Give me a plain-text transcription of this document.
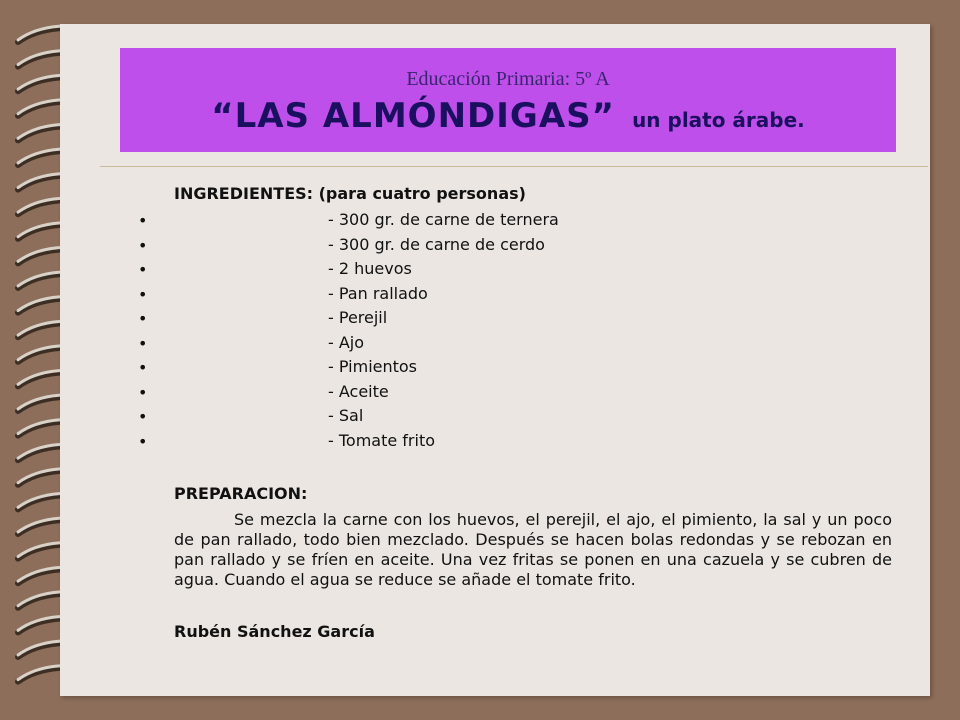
Educación Primaria: 5º A
“LAS ALMÓNDIGAS” un plato árabe.
INGREDIENTES: (para cuatro personas)
•	- 300 gr. de carne de ternera
•	- 300 gr. de carne de cerdo
•	- 2 huevos
•	- Pan rallado
•	- Perejil
•	- Ajo
•	- Pimientos
•	- Aceite
•	- Sal
•	- Tomate frito
PREPARACION:
Se mezcla la carne con los huevos, el perejil, el ajo, el pimiento, la sal y un poco de pan rallado, todo bien mezclado. Después se hacen bolas redondas y se rebozan en pan rallado y se fríen en aceite. Una vez fritas se ponen en una cazuela y se cubren de agua. Cuando el agua se reduce se añade el tomate frito.
Rubén Sánchez García
